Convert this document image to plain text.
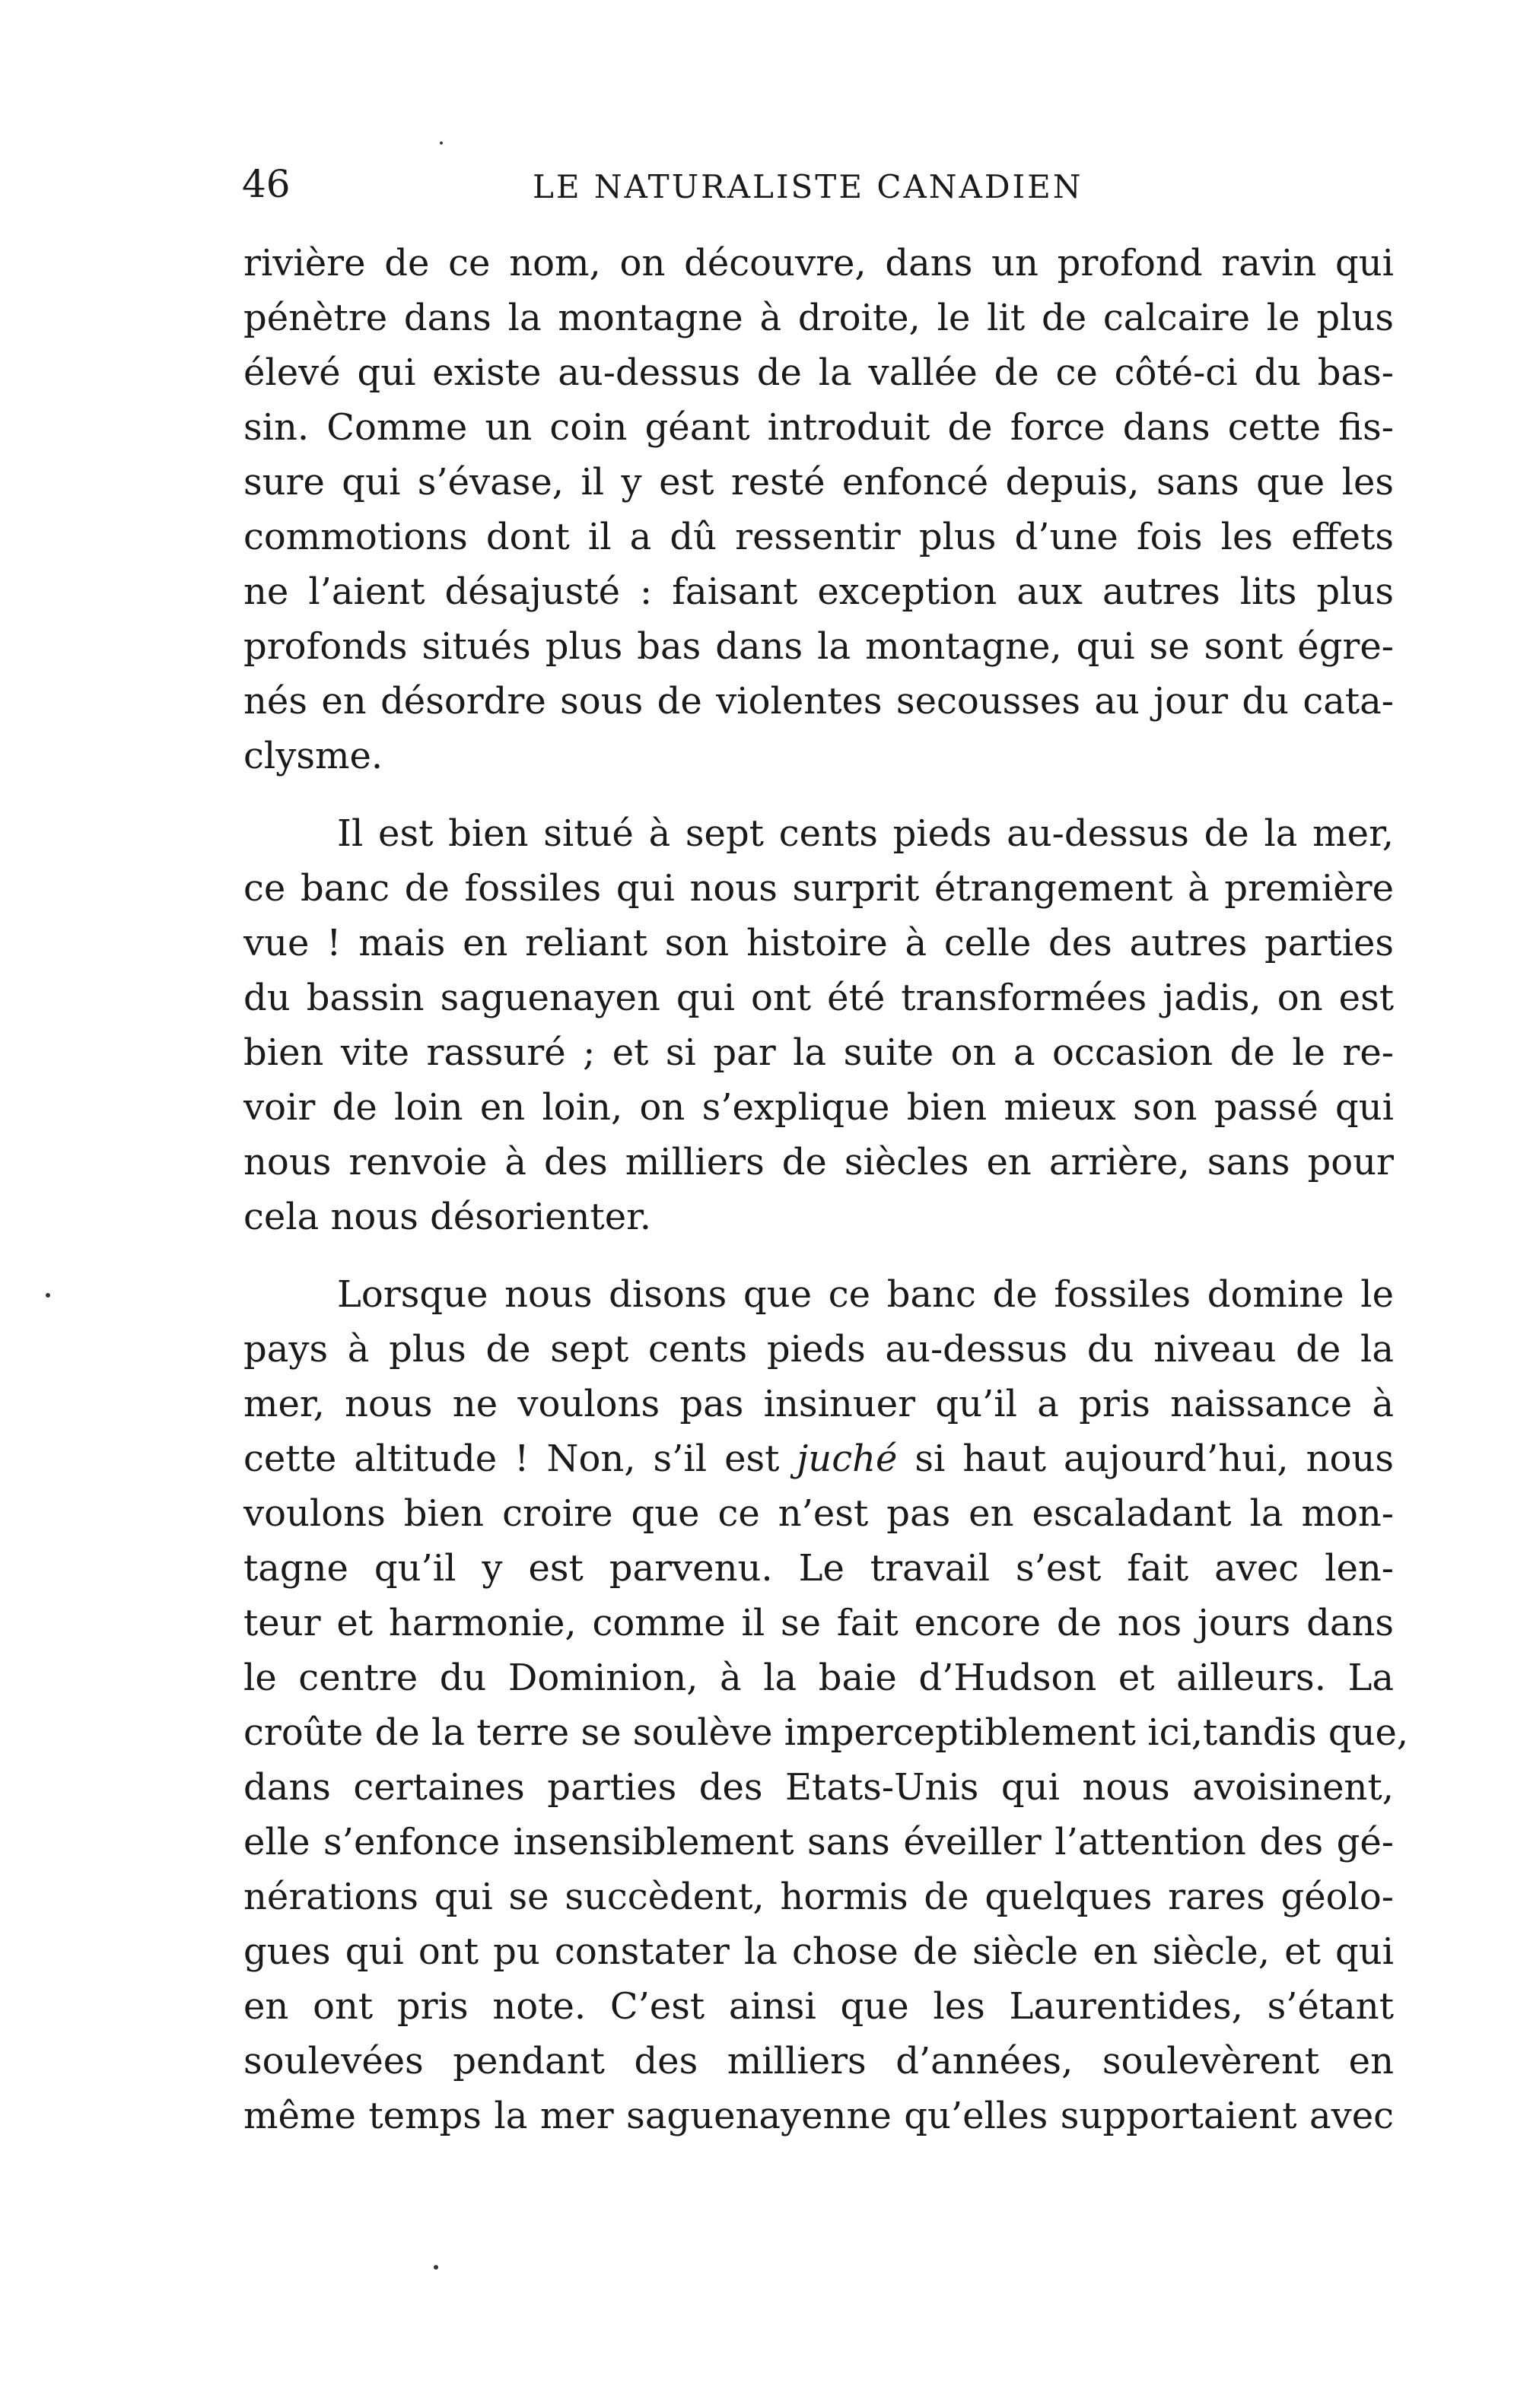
46	LE NATURALISTE CANADIEN
rivière de ce nom, on découvre, dans un profond ravin qui
pénètre dans la montagne à droite, le lit de calcaire le plus
élevé qui existe au-dessus de la vallée de ce côté-ci du bas-
sin. Comme un coin géant introduit de force dans cette fis-
sure qui s’évase, il y est resté enfoncé depuis, sans que les
commotions dont il a dû ressentir plus d’une fois les effets
ne l’aient désajusté : faisant exception aux autres lits plus
profonds situés plus bas dans la montagne, qui se sont égre-
nés en désordre sous de violentes secousses au jour du cata-
clysme.
Il est bien situé à sept cents pieds au-dessus de la mer,
ce banc de fossiles qui nous surprit étrangement à première
vue ! mais en reliant son histoire à celle des autres parties
du bassin saguenayen qui ont été transformées jadis, on est
bien vite rassuré ; et si par la suite on a occasion de le re-
voir de loin en loin, on s’explique bien mieux son passé qui
nous renvoie à des milliers de siècles en arrière, sans pour
cela nous désorienter.
Lorsque nous disons que ce banc de fossiles domine le
pays à plus de sept cents pieds au-dessus du niveau de la
mer, nous ne voulons pas insinuer qu’il a pris naissance à
cette altitude ! Non, s’il est juché si haut aujourd’hui, nous
voulons bien croire que ce n’est pas en escaladant la mon-
tagne qu’il y est parvenu. Le travail s’est fait avec len-
teur et harmonie, comme il se fait encore de nos jours dans
le centre du Dominion, à la baie d’Hudson et ailleurs. La
croûte de la terre se soulève imperceptiblement ici,tandis que,
dans certaines parties des Etats-Unis qui nous avoisinent,
elle s’enfonce insensiblement sans éveiller l’attention des gé-
nérations qui se succèdent, hormis de quelques rares géolo-
gues qui ont pu constater la chose de siècle en siècle, et qui
en ont pris note. C’est ainsi que les Laurentides, s’étant
soulevées pendant des milliers d’années, soulevèrent en
même temps la mer saguenayenne qu’elles supportaient avec
